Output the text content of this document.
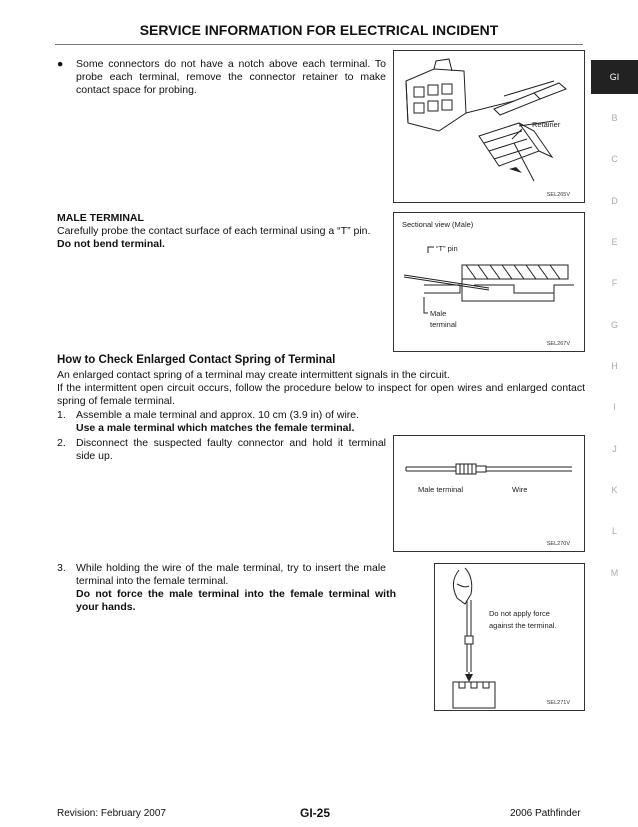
SERVICE INFORMATION FOR ELECTRICAL INCIDENT
● Some connectors do not have a notch above each terminal. To probe each terminal, remove the connector retainer to make contact space for probing.
Retainer
SEL265V
MALE TERMINAL
Carefully probe the contact surface of each terminal using a “T” pin.
Do not bend terminal.
Sectional view (Male)
“T” pin
Male
terminal
SEL267V
How to Check Enlarged Contact Spring of Terminal
An enlarged contact spring of a terminal may create intermittent signals in the circuit.
If the intermittent open circuit occurs, follow the procedure below to inspect for open wires and enlarged contact spring of female terminal.
1. Assemble a male terminal and approx. 10 cm (3.9 in) of wire.
Use a male terminal which matches the female terminal.
2. Disconnect the suspected faulty connector and hold it terminal side up.
Male terminal	Wire
SEL270V
3. While holding the wire of the male terminal, try to insert the male terminal into the female terminal.
Do not force the male terminal into the female terminal with your hands.
Do not apply force
against the terminal.
SEL271V
GI
B
C
D
E
F
G
H
I
J
K
L
M
Revision: February 2007	GI-25	2006 Pathfinder
